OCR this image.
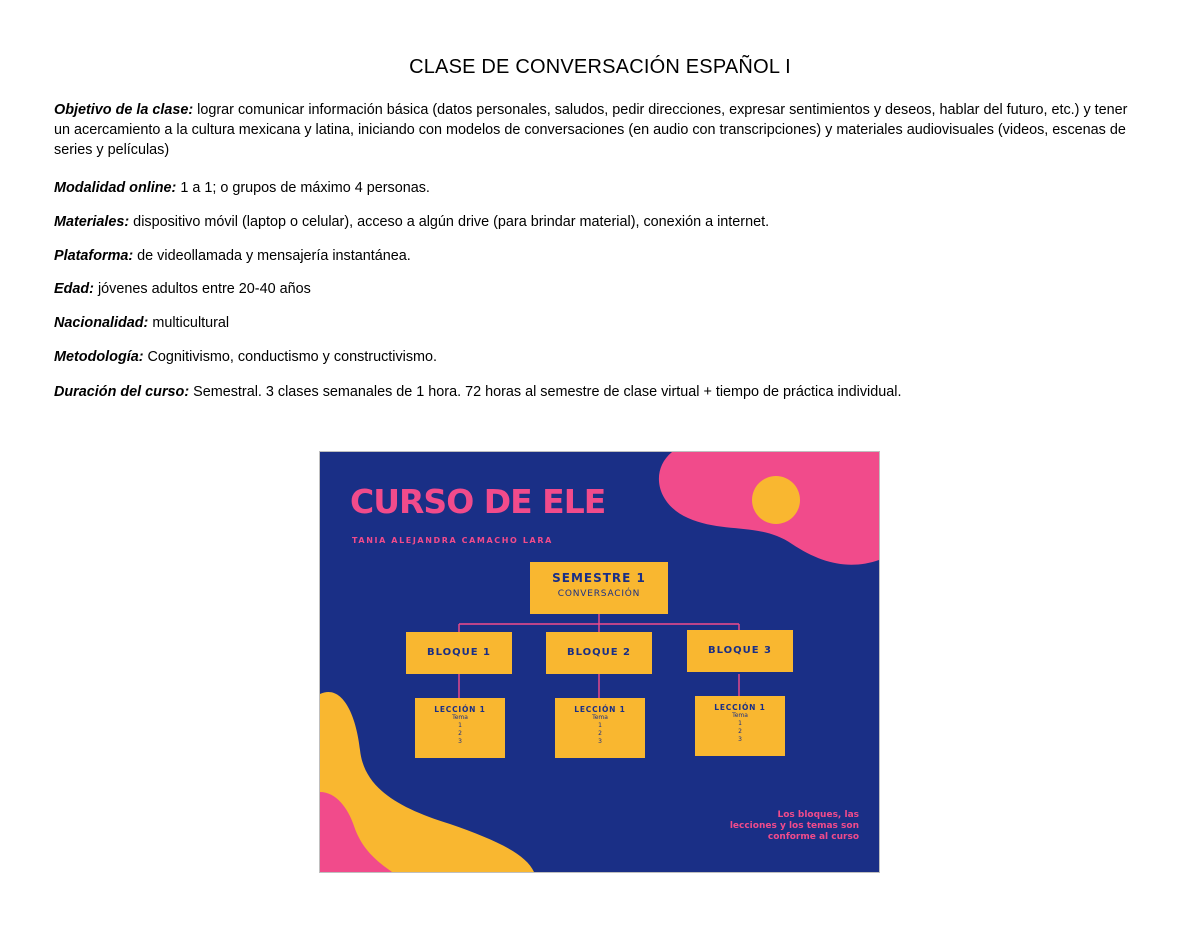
CLASE DE CONVERSACIÓN ESPAÑOL I
Objetivo de la clase: lograr comunicar información básica (datos personales, saludos, pedir direcciones, expresar sentimientos y deseos, hablar del futuro, etc.) y tener un acercamiento a la cultura mexicana y latina, iniciando con modelos de conversaciones (en audio con transcripciones) y materiales audiovisuales (videos, escenas de series y películas)
Modalidad online: 1 a 1; o grupos de máximo 4 personas.
Materiales: dispositivo móvil (laptop o celular), acceso a algún drive (para brindar material), conexión a internet.
Plataforma: de videollamada y mensajería instantánea.
Edad: jóvenes adultos entre 20-40 años
Nacionalidad: multicultural
Metodología: Cognitivismo, conductismo y constructivismo.
Duración del curso: Semestral. 3 clases semanales de 1 hora. 72 horas al semestre de clase virtual + tiempo de práctica individual.
CURSO DE ELE
TANIA ALEJANDRA CAMACHO LARA
SEMESTRE 1
CONVERSACIÓN
BLOQUE 1	BLOQUE 2	BLOQUE 3
LECCIÓN 1
Tema
1
2
3
LECCIÓN 1
Tema
1
2
3
LECCIÓN 1
Tema
1
2
3
Los bloques, las lecciones y los temas son conforme al curso
